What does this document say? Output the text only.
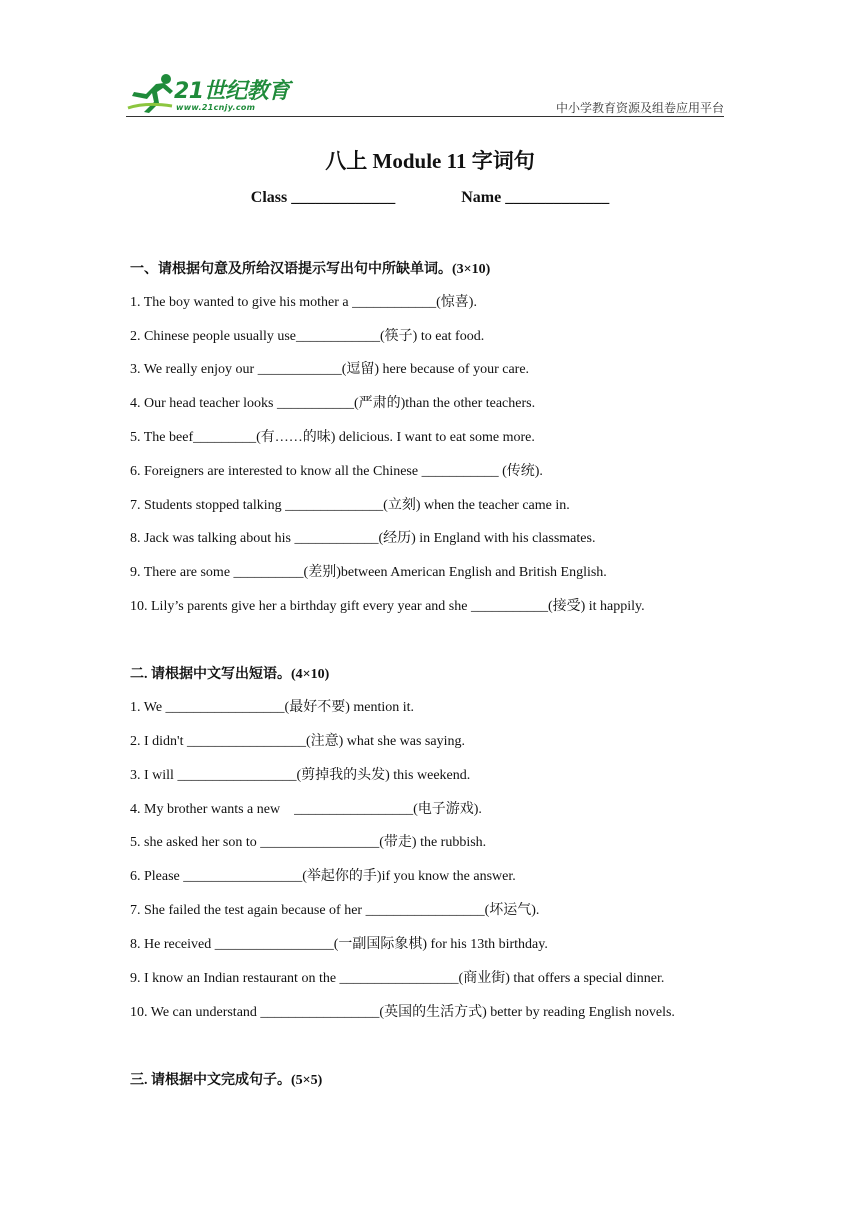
21世纪教育
www.21cnjy.com	中小学教育资源及组卷应用平台
八上 Module 11 字词句
Class _____________	Name _____________
一、请根据句意及所给汉语提示写出句中所缺单词。(3×10)
1. The boy wanted to give his mother a ____________(惊喜).
2. Chinese people usually use____________(筷子) to eat food.
3. We really enjoy our ____________(逗留) here because of your care.
4. Our head teacher looks ___________(严肃的)than the other teachers.
5. The beef_________(有……的味) delicious. I want to eat some more.
6. Foreigners are interested to know all the Chinese ___________ (传统).
7. Students stopped talking ______________(立刻) when the teacher came in.
8. Jack was talking about his ____________(经历) in England with his classmates.
9. There are some __________(差别)between American English and British English.
10. Lily’s parents give her a birthday gift every year and she ___________(接受) it happily.
二. 请根据中文写出短语。(4×10)
1. We _________________(最好不要) mention it.
2. I didn't _________________(注意) what she was saying.
3. I will _________________(剪掉我的头发) this weekend.
4. My brother wants a new    _________________(电子游戏).
5. she asked her son to _________________(带走) the rubbish.
6. Please _________________(举起你的手)if you know the answer.
7. She failed the test again because of her _________________(坏运气).
8. He received _________________(一副国际象棋) for his 13th birthday.
9. I know an Indian restaurant on the _________________(商业街) that offers a special dinner.
10. We can understand _________________(英国的生活方式) better by reading English novels.
三. 请根据中文完成句子。(5×5)
